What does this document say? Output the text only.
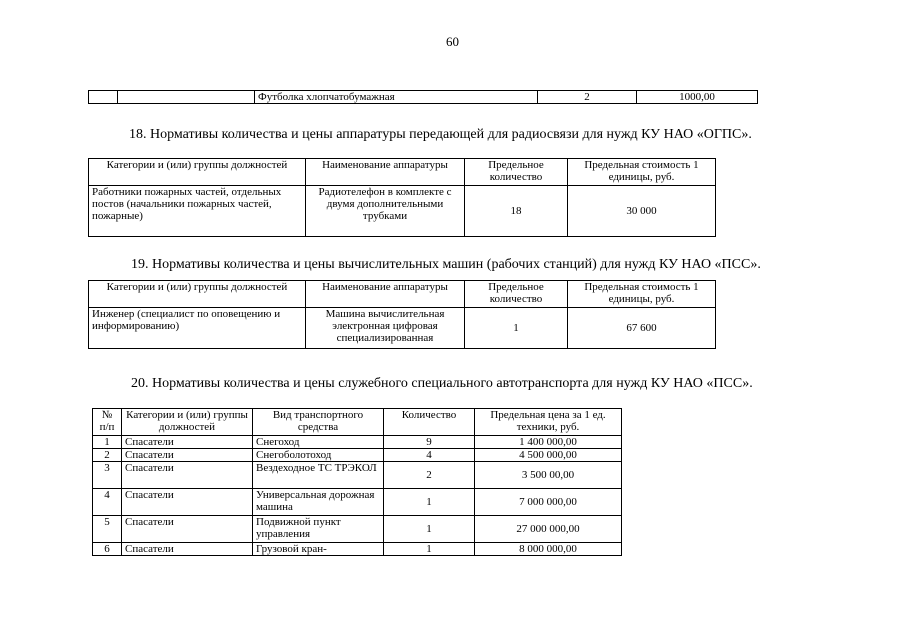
60
		Футболка хлопчатобумажная	2	1000,00
18. Нормативы количества и цены аппаратуры передающей для радиосвязи для нужд КУ НАО «ОГПС».
Категории и (или) группы должностей	Наименование аппаратуры	Предельное количество	Предельная стоимость 1 единицы, руб.
Работники пожарных частей, отдельных постов (начальники пожарных частей, пожарные)	Радиотелефон в комплекте с двумя дополнительными трубками	18	30 000
19. Нормативы количества и цены вычислительных машин (рабочих станций) для нужд КУ НАО «ПСС».
Категории и (или) группы должностей	Наименование аппаратуры	Предельное количество	Предельная стоимость 1 единицы, руб.
Инженер (специалист по оповещению и информированию)	Машина вычислительная электронная цифровая специализированная	1	67 600
20. Нормативы количества и цены служебного специального автотранспорта для нужд КУ НАО «ПСС».
№ п/п	Категории и (или) группы должностей	Вид транспортного средства	Количество	Предельная цена за 1 ед. техники, руб.
1	Спасатели	Снегоход	9	1 400 000,00
2	Спасатели	Снегоболотоход	4	4 500 000,00
3	Спасатели	Вездеходное ТС ТРЭКОЛ	2	3 500 00,00
4	Спасатели	Универсальная дорожная машина	1	7 000 000,00
5	Спасатели	Подвижной пункт управления	1	27 000 000,00
6	Спасатели	Грузовой кран-	1	8 000 000,00
